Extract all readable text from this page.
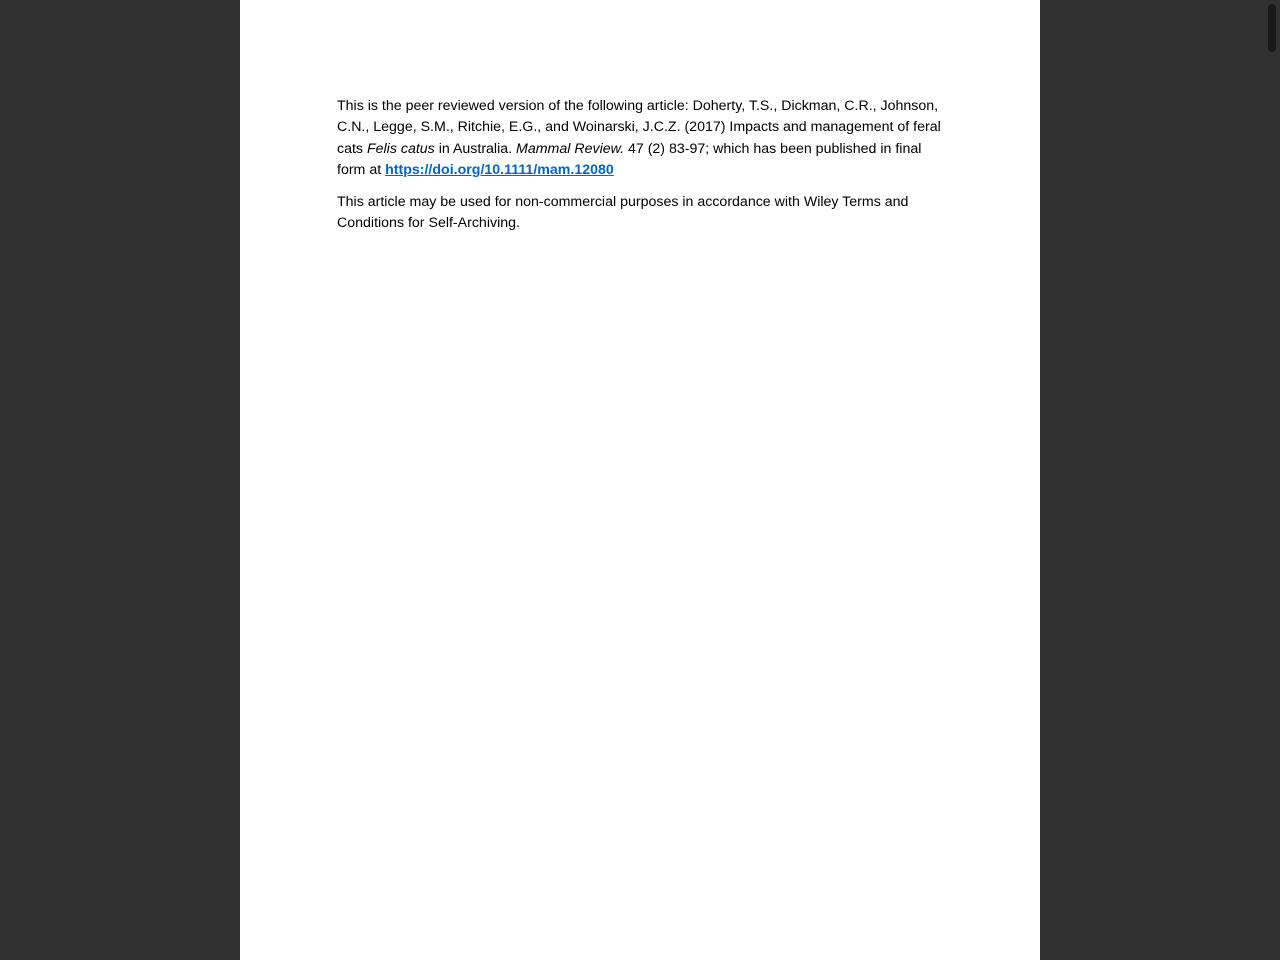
This is the peer reviewed version of the following article: Doherty, T.S., Dickman, C.R., Johnson, C.N., Legge, S.M., Ritchie, E.G., and Woinarski, J.C.Z. (2017) Impacts and management of feral cats Felis catus in Australia. Mammal Review. 47 (2) 83-97; which has been published in final form at https://doi.org/10.1111/mam.12080

This article may be used for non-commercial purposes in accordance with Wiley Terms and Conditions for Self-Archiving.
